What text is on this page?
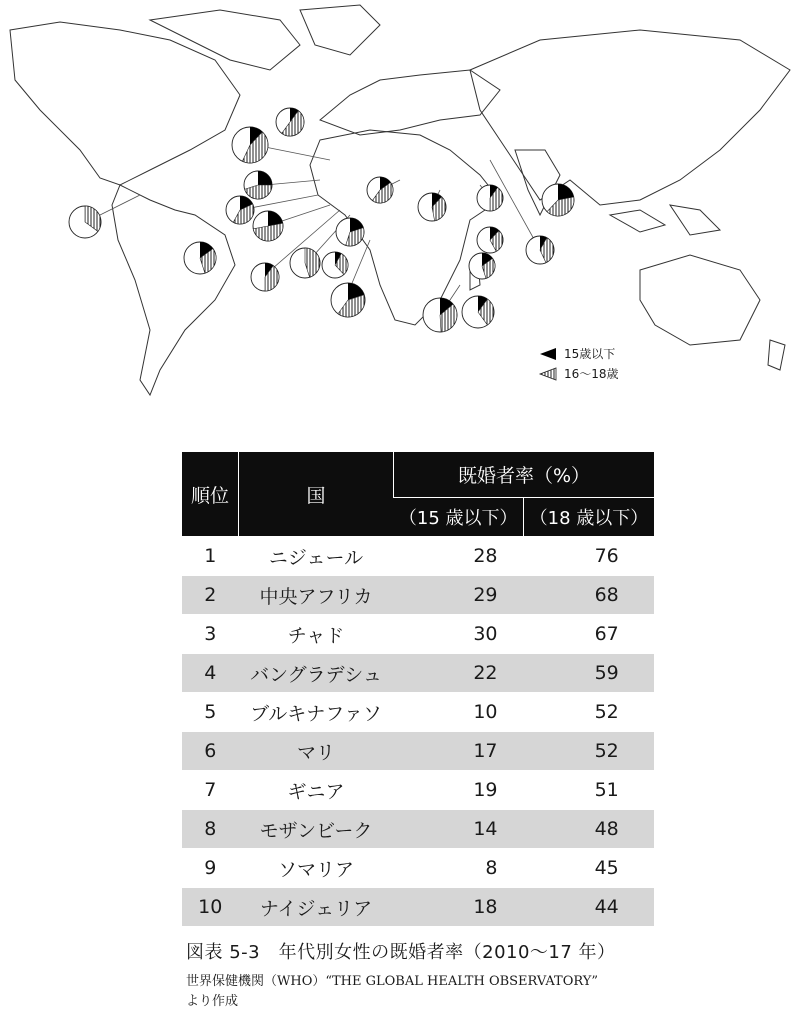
15歳以下
16〜18歳
順位	国	既婚者率（%）	
		（15 歳以下）	（18 歳以下）
1	ニジェール	28	76
2	中央アフリカ	29	68
3	チャド	30	67
4	バングラデシュ	22	59
5	ブルキナファソ	10	52
6	マリ	17	52
7	ギニア	19	51
8	モザンビーク	14	48
9	ソマリア	8	45
10	ナイジェリア	18	44
図表 5-3　年代別女性の既婚者率（2010〜17 年）
世界保健機関（WHO）“THE GLOBAL HEALTH OBSERVATORY”
より作成
